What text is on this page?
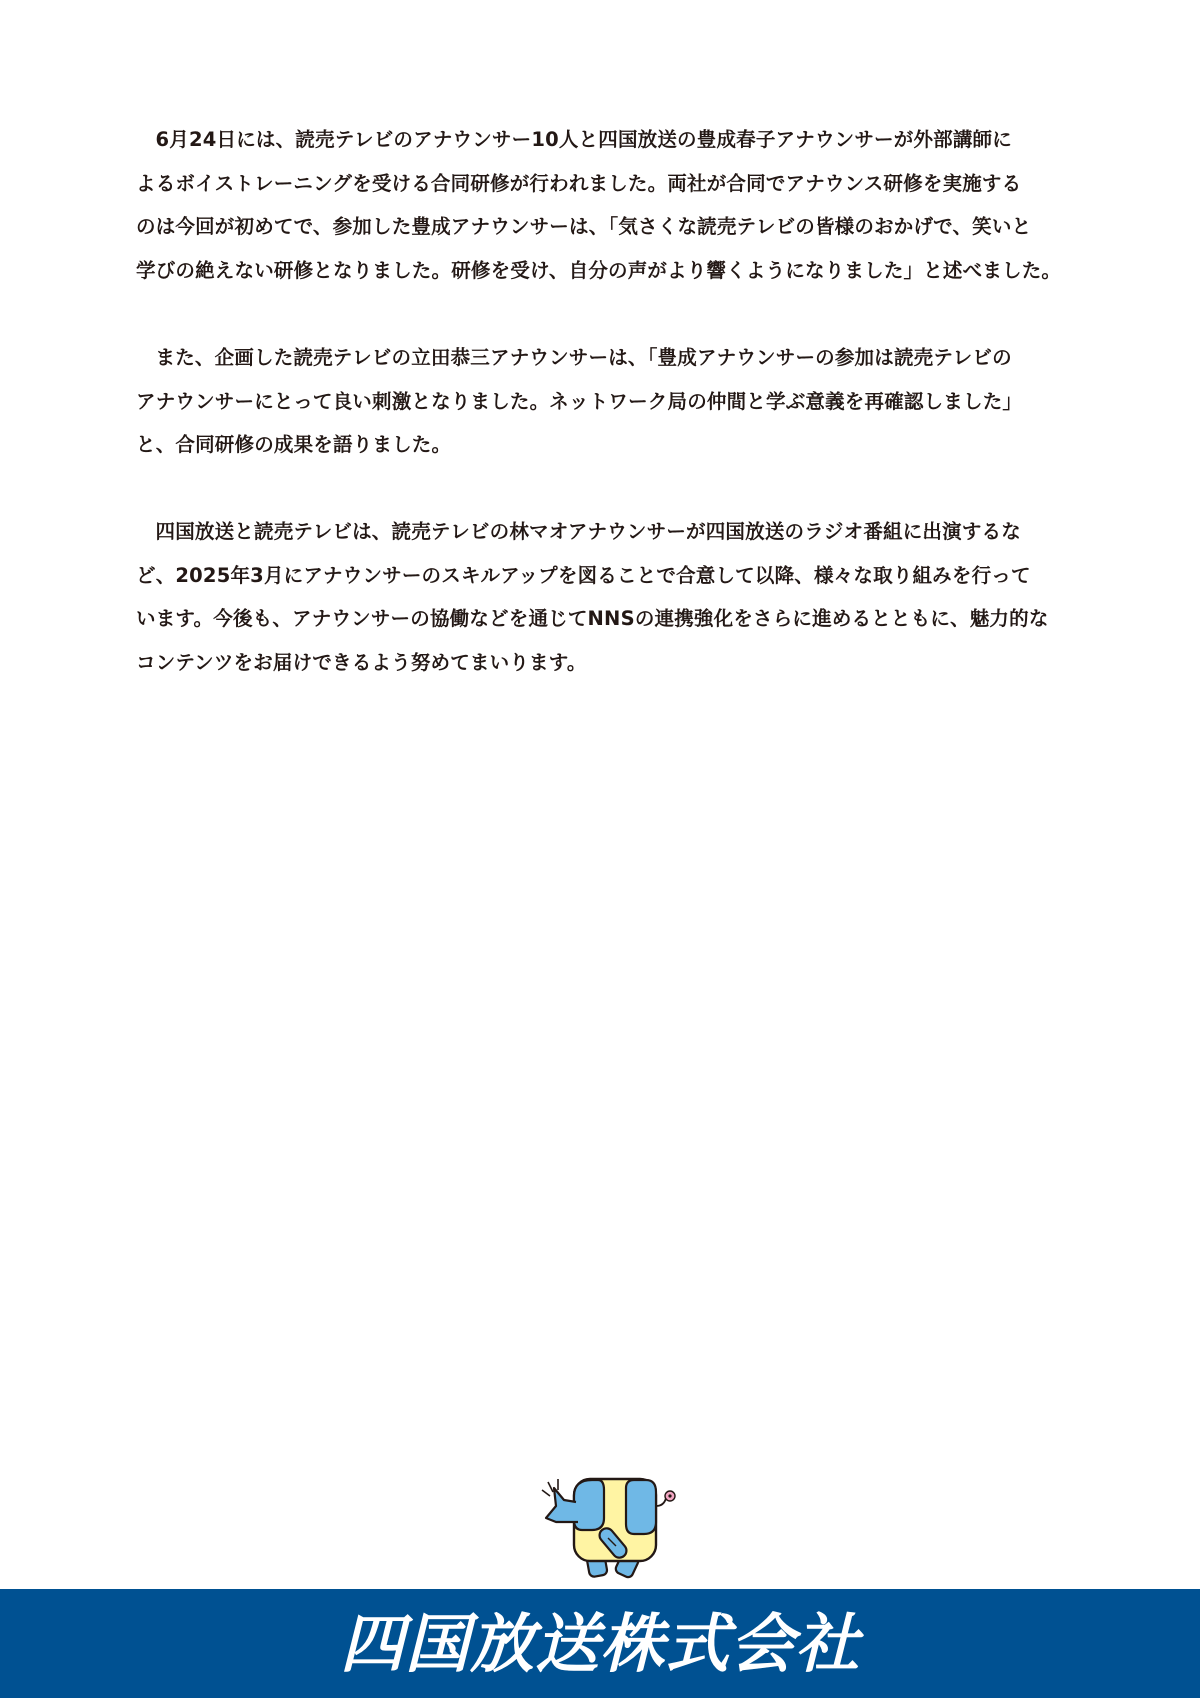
6月24日には、読売テレビのアナウンサー10人と四国放送の豊成春子アナウンサーが外部講師に
よるボイストレーニングを受ける合同研修が行われました。両社が合同でアナウンス研修を実施する
のは今回が初めてで、参加した豊成アナウンサーは、「気さくな読売テレビの皆様のおかげで、笑いと
学びの絶えない研修となりました。研修を受け、自分の声がより響くようになりました」と述べました。

また、企画した読売テレビの立田恭三アナウンサーは、「豊成アナウンサーの参加は読売テレビの
アナウンサーにとって良い刺激となりました。ネットワーク局の仲間と学ぶ意義を再確認しました」
と、合同研修の成果を語りました。

四国放送と読売テレビは、読売テレビの林マオアナウンサーが四国放送のラジオ番組に出演するな
ど、2025年3月にアナウンサーのスキルアップを図ることで合意して以降、様々な取り組みを行って
います。今後も、アナウンサーの協働などを通じてNNSの連携強化をさらに進めるとともに、魅力的な
コンテンツをお届けできるよう努めてまいります。

四国放送株式会社
